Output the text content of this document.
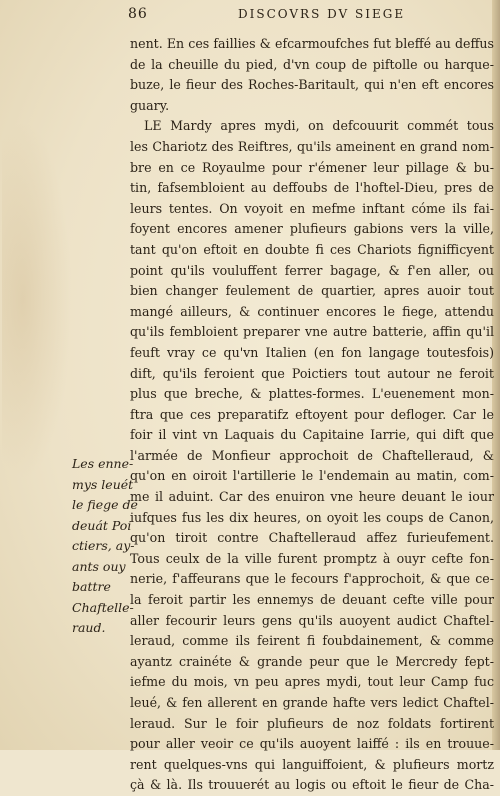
86	DISCOVRS DV SIEGE
Les enne-
mys leuét
le fiege de
deuát Poi
ctiers, ay-
ants ouy
battre
Chaftelle-
raud.
nent. En ces faillies & efcarmoufches fut bleffé au deffus
de la cheuille du pied, d'vn coup de piftolle ou harque-
buze, le fieur des Roches-Baritault, qui n'en eft encores
guary.
LE Mardy apres mydi, on defcouurit commét tous
les Chariotz des Reiftres, qu'ils ameinent en grand nom-
bre en ce Royaulme pour r'émener leur pillage & bu-
tin, fafsembloient au deffoubs de l'hoftel-Dieu, pres de
leurs tentes. On voyoit en mefme inftant cóme ils fai-
foyent encores amener plufieurs gabions vers la ville,
tant qu'on eftoit en doubte fi ces Chariots fignifficyent
point qu'ils vouluffent ferrer bagage, & f'en aller, ou
bien changer feulement de quartier, apres auoir tout
mangé ailleurs, & continuer encores le fiege, attendu
qu'ils fembloient preparer vne autre batterie, affin qu'il
feuft vray ce qu'vn Italien (en fon langage toutesfois)
dift, qu'ils feroient que Poictiers tout autour ne feroit
plus que breche, & plattes-formes. L'euenement mon-
ftra que ces preparatifz eftoyent pour defloger. Car le
foir il vint vn Laquais du Capitaine Iarrie, qui dift que
l'armée de Monfieur approchoit de Chaftelleraud, &
qu'on en oiroit l'artillerie le l'endemain au matin, com-
me il aduint. Car des enuiron vne heure deuant le iour
iufques fus les dix heures, on oyoit les coups de Canon,
qu'on tiroit contre Chaftelleraud affez furieufement.
Tous ceulx de la ville furent promptz à ouyr cefte fon-
nerie, f'affeurans que le fecours f'approchoit, & que ce-
la feroit partir les ennemys de deuant cefte ville pour
aller fecourir leurs gens qu'ils auoyent audict Chaftel-
leraud, comme ils feirent fi foubdainement, & comme
ayantz crainéte & grande peur que le Mercredy fept-
iefme du mois, vn peu apres mydi, tout leur Camp fuc
leué, & fen allerent en grande hafte vers ledict Chaftel-
leraud. Sur le foir plufieurs de noz foldats fortirent
pour aller veoir ce qu'ils auoyent laiffé : ils en trouue-
rent quelques-vns qui languiffoient, & plufieurs mortz
çà & là. Ils trouuerét au logis ou eftoit le fieur de Cha-
